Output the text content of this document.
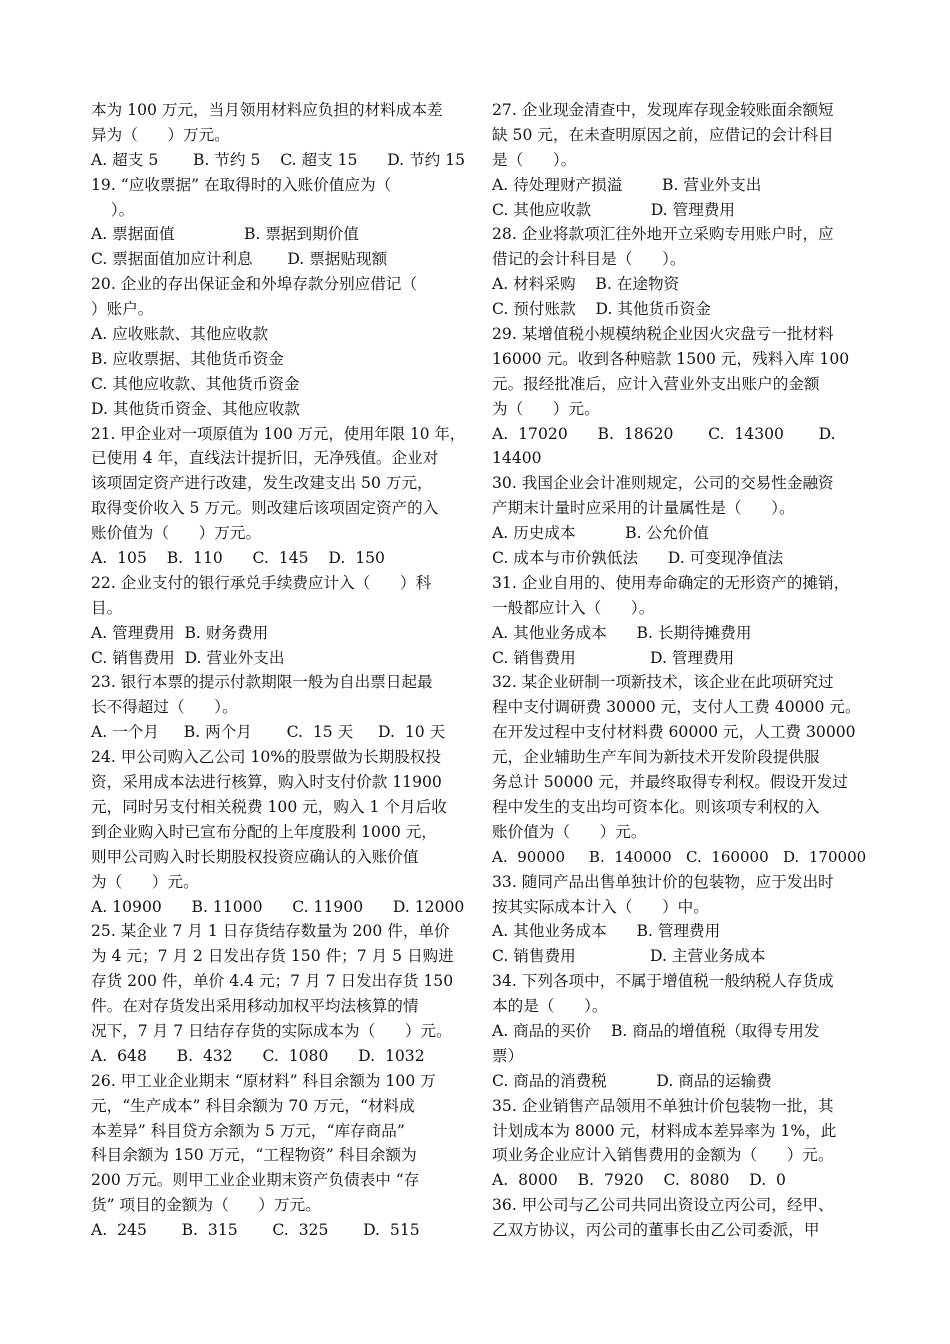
本为 100 万元，当月领用材料应负担的材料成本差
异为（      ）万元。
A. 超支 5       B. 节约 5    C. 超支 15      D. 节约 15
19. “应收票据” 在取得时的入账价值应为（
）。
A. 票据面值              B. 票据到期价值
C. 票据面值加应计利息       D. 票据贴现额
20. 企业的存出保证金和外埠存款分别应借记（
）账户。
A. 应收账款、其他应收款
B. 应收票据、其他货币资金
C. 其他应收款、其他货币资金
D. 其他货币资金、其他应收款
21. 甲企业对一项原值为 100 万元，使用年限 10 年，
已使用 4 年，直线法计提折旧，无净残值。企业对
该项固定资产进行改建，发生改建支出 50 万元，
取得变价收入 5 万元。则改建后该项固定资产的入
账价值为（      ）万元。
A.  105    B.  110      C.  145    D.  150
22. 企业支付的银行承兑手续费应计入（      ）科
目。
A. 管理费用  B. 财务费用
C. 销售费用  D. 营业外支出
23. 银行本票的提示付款期限一般为自出票日起最
长不得超过（      ）。
A. 一个月     B. 两个月       C.  15 天     D.  10 天
24. 甲公司购入乙公司 10%的股票做为长期股权投
资，采用成本法进行核算，购入时支付价款 11900
元，同时另支付相关税费 100 元，购入 1 个月后收
到企业购入时已宣布分配的上年度股利 1000 元，
则甲公司购入时长期股权投资应确认的入账价值
为（      ）元。
A. 10900      B. 11000      C. 11900      D. 12000
25. 某企业 7 月 1 日存货结存数量为 200 件，单价
为 4 元；7 月 2 日发出存货 150 件；7 月 5 日购进
存货 200 件，单价 4.4 元；7 月 7 日发出存货 150
件。在对存货发出采用移动加权平均法核算的情
况下，7 月 7 日结存存货的实际成本为（      ）元。
A.  648      B.  432      C.  1080      D.  1032
26. 甲工业企业期末 “原材料” 科目余额为 100 万
元，“生产成本” 科目余额为 70 万元，“材料成
本差异” 科目贷方余额为 5 万元，“库存商品”
科目余额为 150 万元，“工程物资” 科目余额为
200 万元。则甲工业企业期末资产负债表中 “存
货” 项目的金额为（      ）万元。
A.  245       B.  315       C.  325       D.  515
27. 企业现金清查中，发现库存现金较账面余额短
缺 50 元，在未查明原因之前，应借记的会计科目
是（      ）。
A. 待处理财产损溢        B. 营业外支出
C. 其他应收款            D. 管理费用
28. 企业将款项汇往外地开立采购专用账户时，应
借记的会计科目是（      ）。
A. 材料采购    B. 在途物资
C. 预付账款    D. 其他货币资金
29. 某增值税小规模纳税企业因火灾盘亏一批材料
16000 元。收到各种赔款 1500 元，残料入库 100
元。报经批准后，应计入营业外支出账户的金额
为（      ）元。
A.  17020      B.  18620       C.  14300       D.
14400
30. 我国企业会计准则规定，公司的交易性金融资
产期末计量时应采用的计量属性是（      ）。
A. 历史成本          B. 公允价值
C. 成本与市价孰低法      D. 可变现净值法
31. 企业自用的、使用寿命确定的无形资产的摊销，
一般都应计入（      ）。
A. 其他业务成本      B. 长期待摊费用
C. 销售费用               D. 管理费用
32. 某企业研制一项新技术，该企业在此项研究过
程中支付调研费 30000 元，支付人工费 40000 元。
在开发过程中支付材料费 60000 元，人工费 30000
元，企业辅助生产车间为新技术开发阶段提供服
务总计 50000 元，并最终取得专利权。假设开发过
程中发生的支出均可资本化。则该项专利权的入
账价值为（      ）元。
A.  90000     B.  140000   C.  160000   D.  170000
33. 随同产品出售单独计价的包装物，应于发出时
按其实际成本计入（      ）中。
A. 其他业务成本      B. 管理费用
C. 销售费用               D. 主营业务成本
34. 下列各项中，不属于增值税一般纳税人存货成
本的是（      ）。
A. 商品的买价    B. 商品的增值税（取得专用发
票）
C. 商品的消费税          D. 商品的运输费
35. 企业销售产品领用不单独计价包装物一批，其
计划成本为 8000 元，材料成本差异率为 1%，此
项业务企业应计入销售费用的金额为（      ）元。
A.  8000    B.  7920    C.  8080    D.  0
36. 甲公司与乙公司共同出资设立丙公司，经甲、
乙双方协议，丙公司的董事长由乙公司委派，甲
